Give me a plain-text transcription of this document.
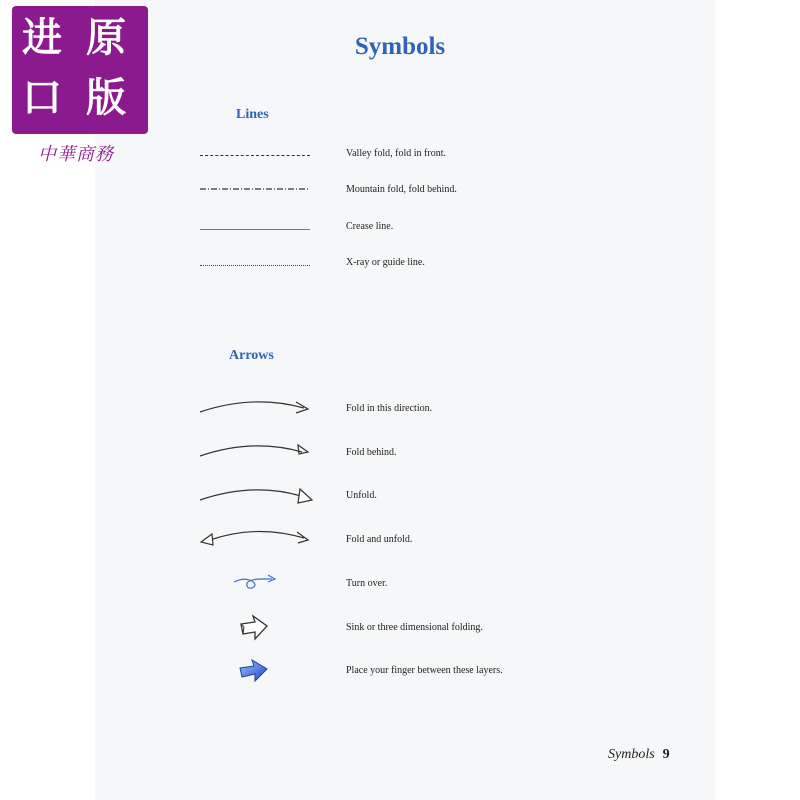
进 原
口 版
中華商務
Symbols
Lines
Valley fold, fold in front.
Mountain fold, fold behind.
Crease line.
X-ray or guide line.
Arrows
Fold in this direction.
Fold behind.
Unfold.
Fold and unfold.
Turn over.
Sink or three dimensional folding.
Place your finger between these layers.
Symbols 9
